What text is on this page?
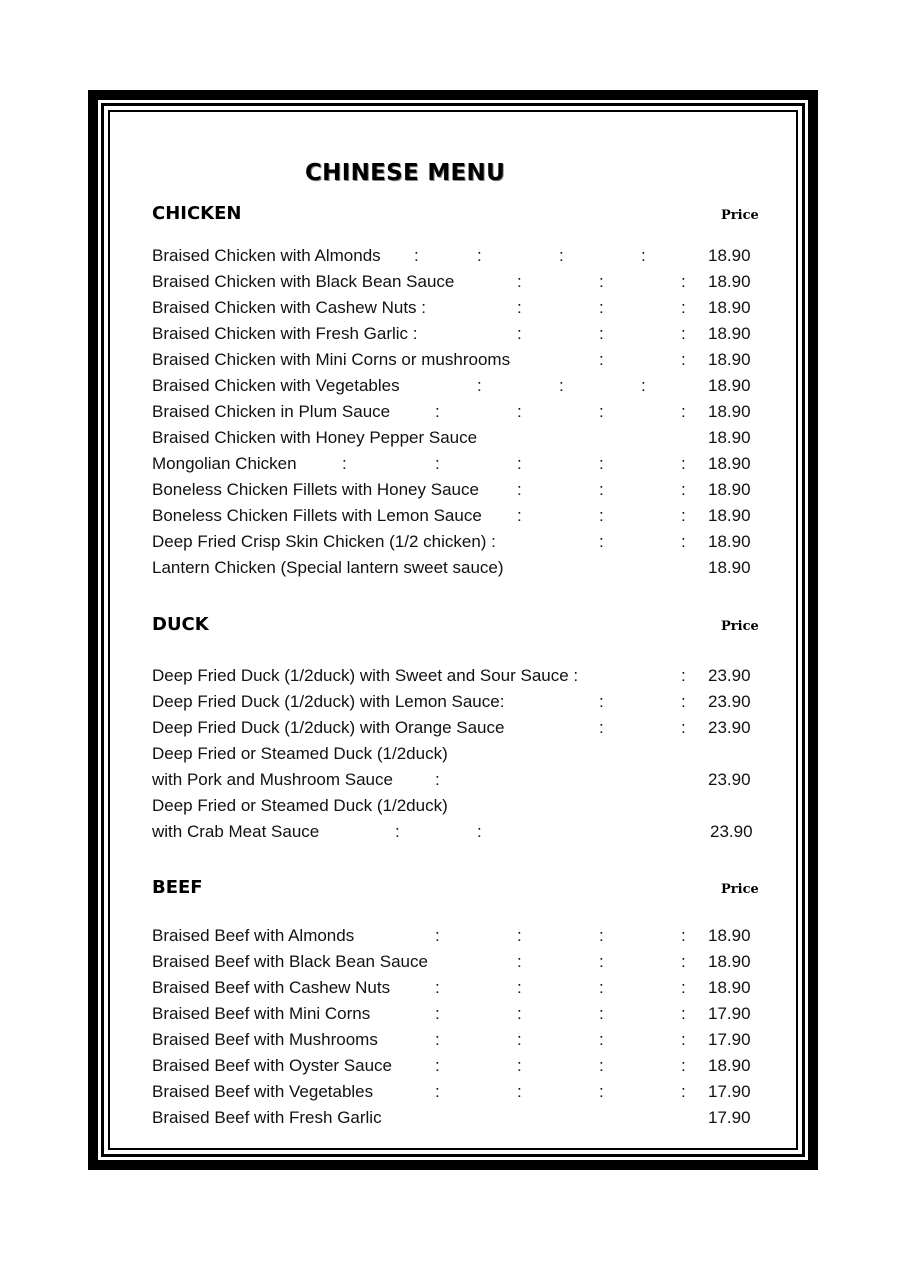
CHINESE MENU
CHICKEN	Price
Braised Chicken with Almonds :	:	:	:	18.90
Braised Chicken with Black Bean Sauce	:	:	: 18.90
Braised Chicken with Cashew Nuts :	:	:	: 18.90
Braised Chicken with Fresh Garlic :	:	:	: 18.90
Braised Chicken with Mini Corns or mushrooms	:	: 18.90
Braised Chicken with Vegetables	:	:	:	18.90
Braised Chicken in Plum Sauce	:	:	:	: 18.90
Braised Chicken with Honey Pepper Sauce	18.90
Mongolian Chicken	:	:	:	:	: 18.90
Boneless Chicken Fillets with Honey Sauce :	:	: 18.90
Boneless Chicken Fillets with Lemon Sauce :	:	: 18.90
Deep Fried Crisp Skin Chicken (1/2 chicken) :	:	: 18.90
Lantern Chicken (Special lantern sweet sauce)	18.90
DUCK	Price
Deep Fried Duck (1/2duck) with Sweet and Sour Sauce :	: 23.90
Deep Fried Duck (1/2duck) with Lemon Sauce:	:	: 23.90
Deep Fried Duck (1/2duck) with Orange Sauce	:	: 23.90
Deep Fried or Steamed Duck (1/2duck)
with Pork and Mushroom Sauce :	23.90
Deep Fried or Steamed Duck (1/2duck)
with Crab Meat Sauce	:	:	23.90
BEEF	Price
Braised Beef with Almonds	:	:	:	: 18.90
Braised Beef with Black Bean Sauce	:	:	: 18.90
Braised Beef with Cashew Nuts	:	:	:	: 18.90
Braised Beef with Mini Corns	:	:	:	: 17.90
Braised Beef with Mushrooms	:	:	:	: 17.90
Braised Beef with Oyster Sauce	:	:	:	: 18.90
Braised Beef with Vegetables	:	:	:	: 17.90
Braised Beef with Fresh Garlic	17.90
